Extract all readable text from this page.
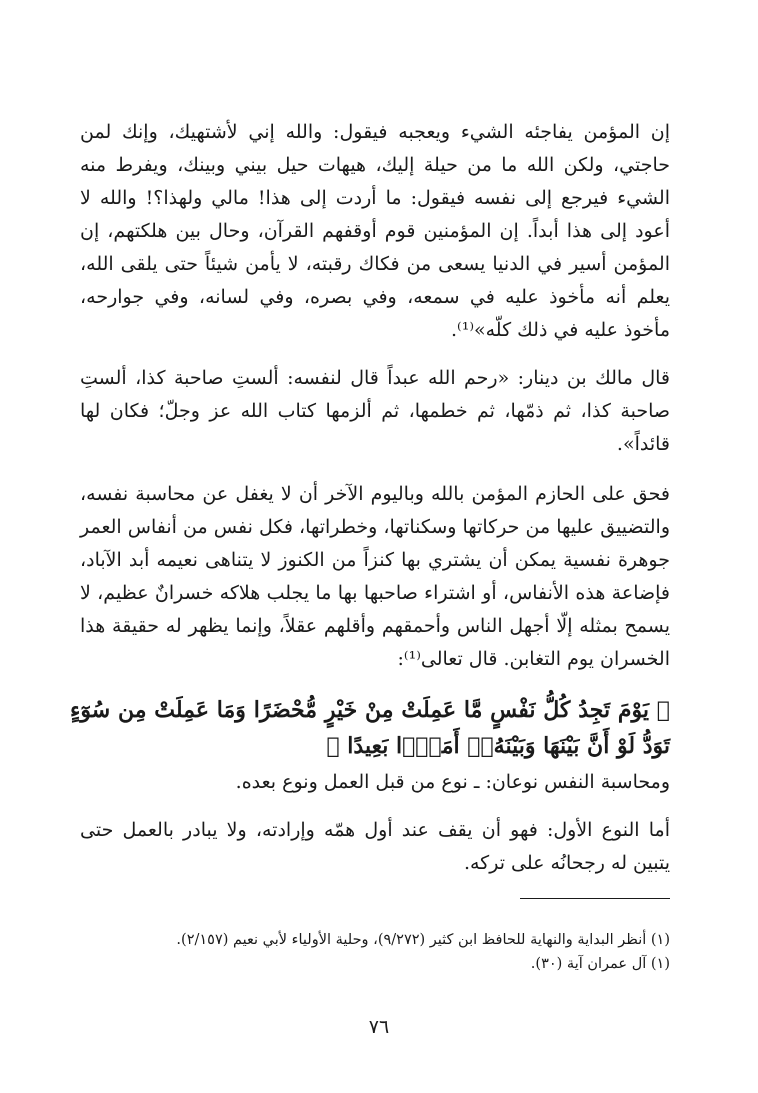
إن المؤمن يفاجئه الشيء ويعجبه فيقول: والله إني لأشتهيك، وإنك لمن حاجتي، ولكن الله ما من حيلة إليك، هيهات حيل بيني وبينك، ويفرط منه الشيء فيرجع إلى نفسه فيقول: ما أردت إلى هذا! مالي ولهذا؟! والله لا أعود إلى هذا أبداً. إن المؤمنين قوم أوقفهم القرآن، وحال بين هلكتهم، إن المؤمن أسير في الدنيا يسعى من فكاك رقبته، لا يأمن شيئاً حتى يلقى الله، يعلم أنه مأخوذ عليه في سمعه، وفي بصره، وفي لسانه، وفي جوارحه، مأخوذ عليه في ذلك كلّه»⁽¹⁾.

قال مالك بن دينار: «رحم الله عبداً قال لنفسه: ألستِ صاحبة كذا، ألستِ صاحبة كذا، ثم ذمّها، ثم خطمها، ثم ألزمها كتاب الله عز وجلّ؛ فكان لها قائداً».

فحق على الحازم المؤمن بالله وباليوم الآخر أن لا يغفل عن محاسبة نفسه، والتضييق عليها من حركاتها وسكناتها، وخطراتها، فكل نفس من أنفاس العمر جوهرة نفسية يمكن أن يشتري بها كنزاً من الكنوز لا يتناهى نعيمه أبد الآباد، فإضاعة هذه الأنفاس، أو اشتراء صاحبها بها ما يجلب هلاكه خسرانٌ عظيم، لا يسمح بمثله إلّا أجهل الناس وأحمقهم وأقلهم عقلاً، وإنما يظهر له حقيقة هذا الخسران يوم التغابن. قال تعالى⁽¹⁾:

﴿ يَوْمَ تَجِدُ كُلُّ نَفْسٍ مَّا عَمِلَتْ مِنْ خَيْرٍ مُّحْضَرًا وَمَا عَمِلَتْ مِن سُوٓءٍ تَوَدُّ لَوْ أَنَّ بَيْنَهَا وَبَيْنَهُۥٓ أَمَدًۢا بَعِيدًا ﴾

ومحاسبة النفس نوعان: ـ نوع من قبل العمل ونوع بعده.

أما النوع الأول: فهو أن يقف عند أول همّه وإرادته، ولا يبادر بالعمل حتى يتبين له رجحانُه على تركه.

(١) أنظر البداية والنهاية للحافظ ابن كثير (٩/٢٧٢)، وحلية الأولياء لأبي نعيم (٢/١٥٧).

(١) آل عمران آية (٣٠).

٧٦
